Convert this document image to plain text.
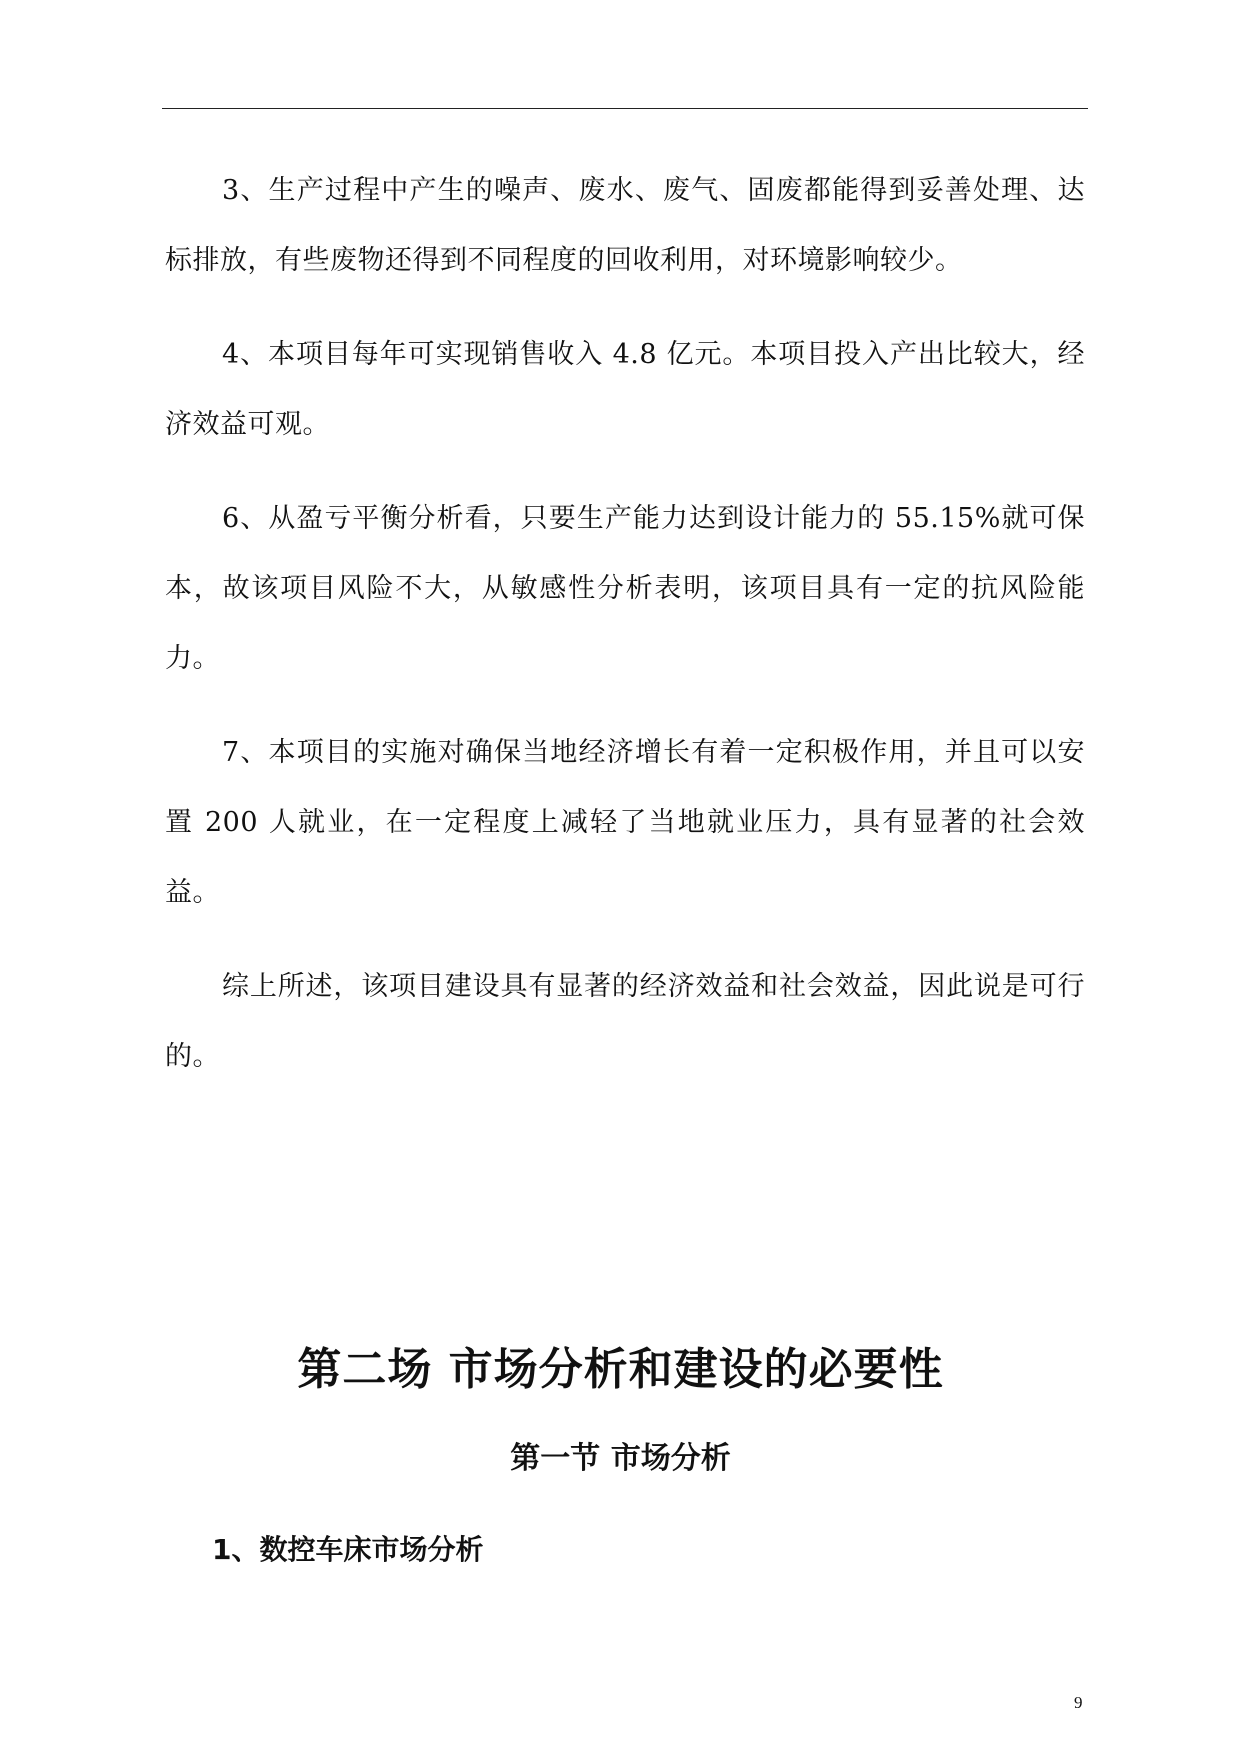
3、生产过程中产生的噪声、废水、废气、固废都能得到妥善处理、达标排放，有些废物还得到不同程度的回收利用，对环境影响较少。

4、本项目每年可实现销售收入 4.8 亿元。本项目投入产出比较大，经济效益可观。

6、从盈亏平衡分析看，只要生产能力达到设计能力的 55.15%就可保本，故该项目风险不大，从敏感性分析表明，该项目具有一定的抗风险能力。

7、本项目的实施对确保当地经济增长有着一定积极作用，并且可以安置 200 人就业，在一定程度上减轻了当地就业压力，具有显著的社会效益。

综上所述，该项目建设具有显著的经济效益和社会效益，因此说是可行的。

第二场 市场分析和建设的必要性
第一节 市场分析
1、数控车床市场分析
9
